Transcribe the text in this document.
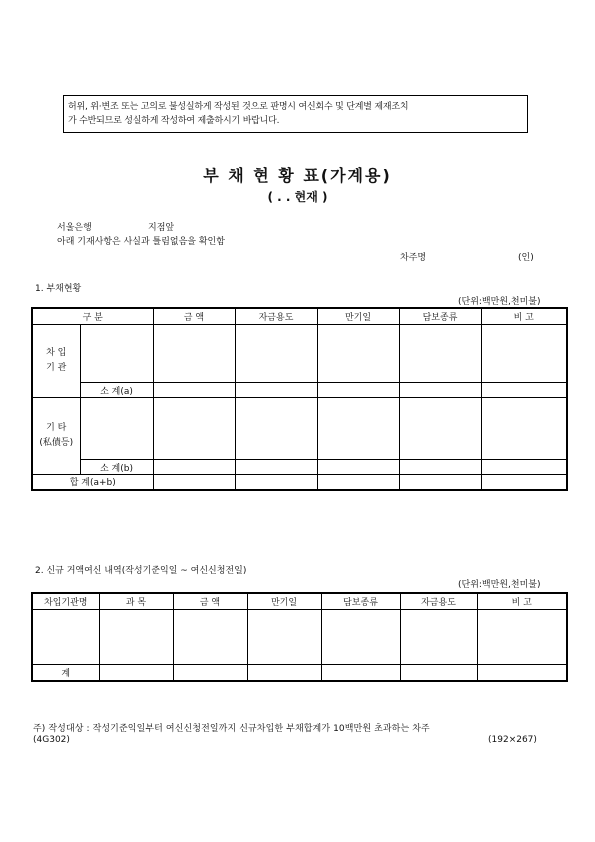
허위, 위·변조 또는 고의로 불성실하게 작성된 것으로 판명시 여신회수 및 단계별 제재조치
가 수반되므로 성실하게 작성하여 제출하시기 바랍니다.
부 채 현 황 표(가계용)
( . . 현재 )
서울은행	지점앞
아래 기재사항은 사실과 틀림없음을 확인함
차주명	(인)
1. 부채현황
(단위:백만원,천미불)
구 분		금 액	자금용도	만기일	담보종류	비 고
차 입
기 관						
	소 계(a)					
기 타
(私債등)						
	소 계(b)					
합 계(a+b)						
2. 신규 거액여신 내역(작성기준익일 ~ 여신신청전일)
(단위:백만원,천미불)
차입기관명	과 목	금 액	만기일	담보종류	자금용도	비 고

계						
주) 작성대상 : 작성기준익일부터 여신신청전일까지 신규차입한 부채합계가 10백만원 초과하는 차주
(4G302)	(192×267)
